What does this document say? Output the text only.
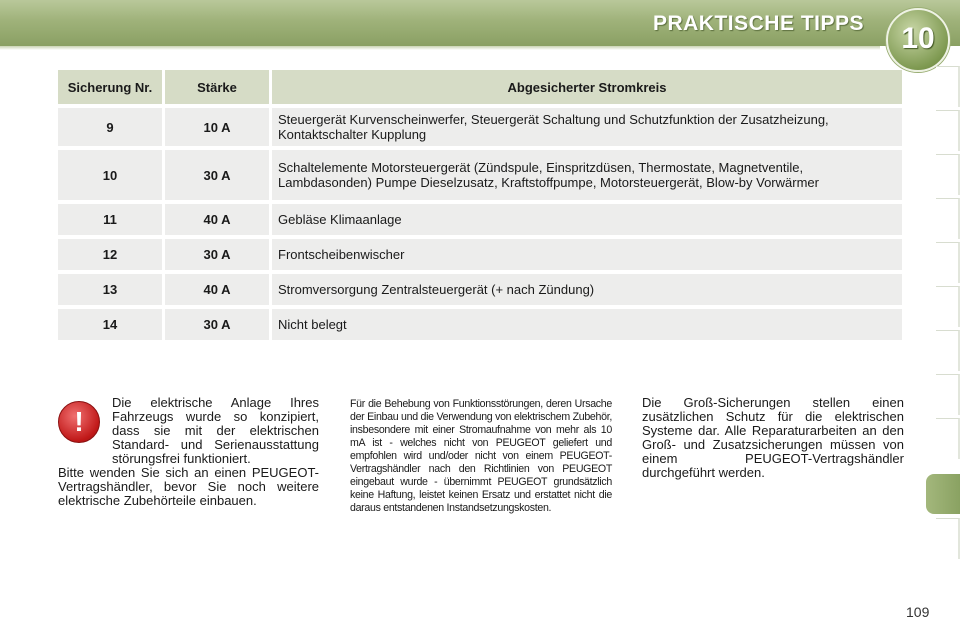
PRAKTISCHE TIPPS	10
Sicherung Nr.	Stärke	Abgesicherter Stromkreis
9	10 A	Steuergerät Kurvenscheinwerfer, Steuergerät Schaltung und Schutzfunktion der Zusatzheizung, Kontaktschalter Kupplung
10	30 A	Schaltelemente Motorsteuergerät (Zündspule, Einspritzdüsen, Thermostate, Magnetventile, Lambdasonden) Pumpe Dieselzusatz, Kraftstoffpumpe, Motorsteuergerät, Blow-by Vorwärmer
11	40 A	Gebläse Klimaanlage
12	30 A	Frontscheibenwischer
13	40 A	Stromversorgung Zentralsteuergerät (+ nach Zündung)
14	30 A	Nicht belegt
!
Die elektrische Anlage Ihres Fahrzeugs wurde so konzipiert, dass sie mit der elektrischen Standard- und Serienausstattung störungsfrei funktioniert.
Bitte wenden Sie sich an einen PEUGEOT-Vertragshändler, bevor Sie noch weitere elektrische Zubehörteile einbauen.
Für die Behebung von Funktionsstörungen, deren Ursache der Einbau und die Verwendung von elektrischem Zubehör, insbesondere mit einer Stromaufnahme von mehr als 10 mA ist - welches nicht von PEUGEOT geliefert und empfohlen wird und/oder nicht von einem PEUGEOT-Vertragshändler nach den Richtlinien von PEUGEOT eingebaut wurde - übernimmt PEUGEOT grundsätzlich keine Haftung, leistet keinen Ersatz und erstattet nicht die daraus entstandenen Instandsetzungskosten.
Die Groß-Sicherungen stellen einen zusätzlichen Schutz für die elektrischen Systeme dar. Alle Reparaturarbeiten an den Groß- und Zusatzsicherungen müssen von einem PEUGEOT-Vertragshändler durchgeführt werden.
109
